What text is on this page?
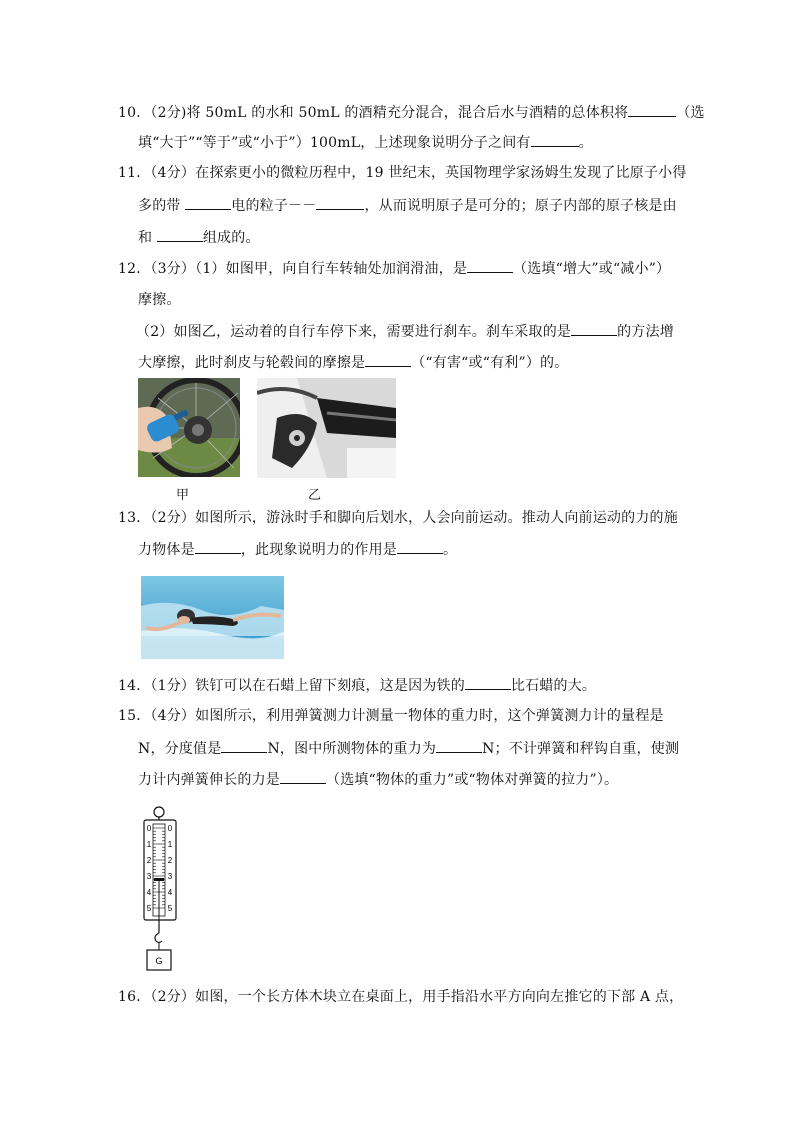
10．（2分)将 50mL 的水和 50mL 的酒精充分混合，混合后水与酒精的总体积将	（选
填“大于”“等于”或“小于”）100mL，上述现象说明分子之间有	。
11．（4分）在探索更小的微粒历程中，19 世纪末，英国物理学家汤姆生发现了比原子小得
多的带	电的粒子－－	，从而说明原子是可分的；原子内部的原子核是由
和	组成的。
12．（3分）（1）如图甲，向自行车转轴处加润滑油，是	（选填“增大”或“减小”）
摩擦。
（2）如图乙，运动着的自行车停下来，需要进行刹车。刹车采取的是	的方法增
大摩擦，此时刹皮与轮毂间的摩擦是	（“有害“或“有利”）的。
甲	乙
13．（2分）如图所示，游泳时手和脚向后划水，人会向前运动。推动人向前运动的力的施
力物体是	，此现象说明力的作用是	。
14．（1分）铁钉可以在石蜡上留下刻痕，这是因为铁的	比石蜡的大。
15．（4分）如图所示，利用弹簧测力计测量一物体的重力时，这个弹簧测力计的量程是
N，分度值是	N，图中所测物体的重力为	N；不计弹簧和秤钩自重，使测
力计内弹簧伸长的力是	（选填“物体的重力”或“物体对弹簧的拉力”）。
0
1
2
3
4
5
0
1
2
3
4
5
G
16．（2分）如图，一个长方体木块立在桌面上，用手指沿水平方向向左推它的下部 A 点，
